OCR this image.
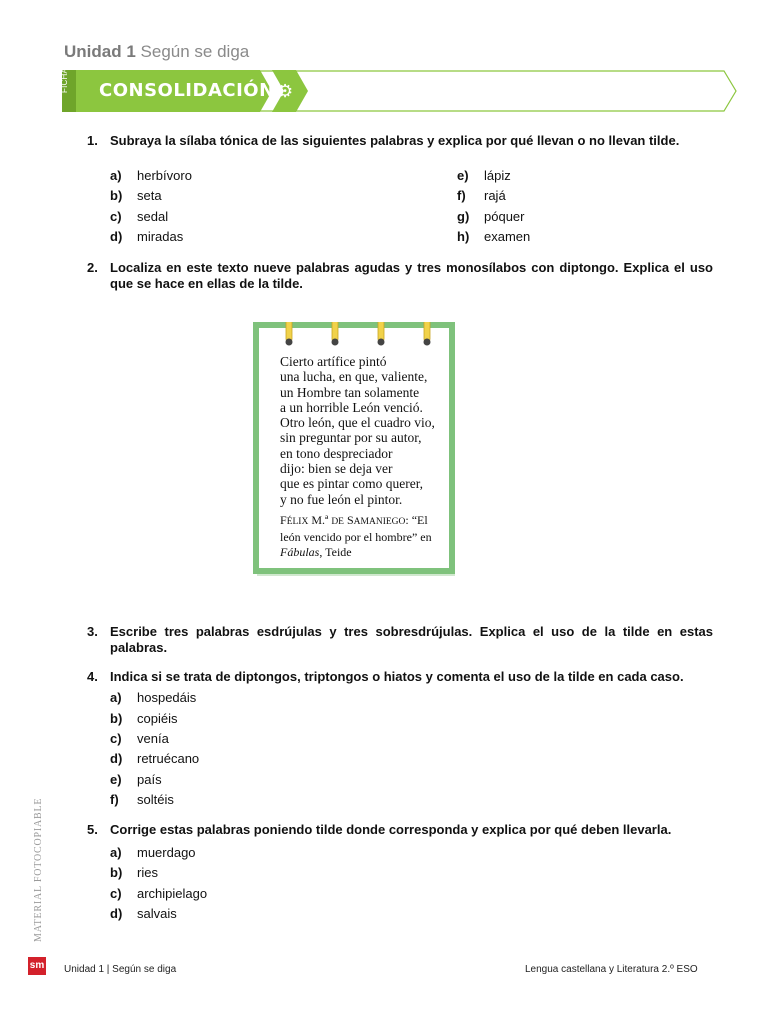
Unidad 1 Según se diga
FICHA DE CONSOLIDACIÓN ⚙
1. Subraya la sílaba tónica de las siguientes palabras y explica por qué llevan o no llevan tilde.
a) herbívoro
b) seta
c) sedal
d) miradas
e) lápiz
f) rajá
g) póquer
h) examen
2. Localiza en este texto nueve palabras agudas y tres monosílabos con diptongo. Explica el uso que se hace en ellas de la tilde.
Cierto artífice pintó
una lucha, en que, valiente,
un Hombre tan solamente
a un horrible León venció.
Otro león, que el cuadro vio,
sin preguntar por su autor,
en tono despreciador
dijo: bien se deja ver
que es pintar como querer,
y no fue león el pintor.
FÉLIX M.ª DE SAMANIEGO: “El león vencido por el hombre” en Fábulas, Teide
3. Escribe tres palabras esdrújulas y tres sobresdrújulas. Explica el uso de la tilde en estas palabras.
4. Indica si se trata de diptongos, triptongos o hiatos y comenta el uso de la tilde en cada caso.
a) hospedáis
b) copiéis
c) venía
d) retruécano
e) país
f) soltéis
5. Corrige estas palabras poniendo tilde donde corresponda y explica por qué deben llevarla.
a) muerdago
b) ries
c) archipielago
d) salvais
MATERIAL FOTOCOPIABLE
sm Unidad 1 | Según se diga	Lengua castellana y Literatura 2.º ESO
